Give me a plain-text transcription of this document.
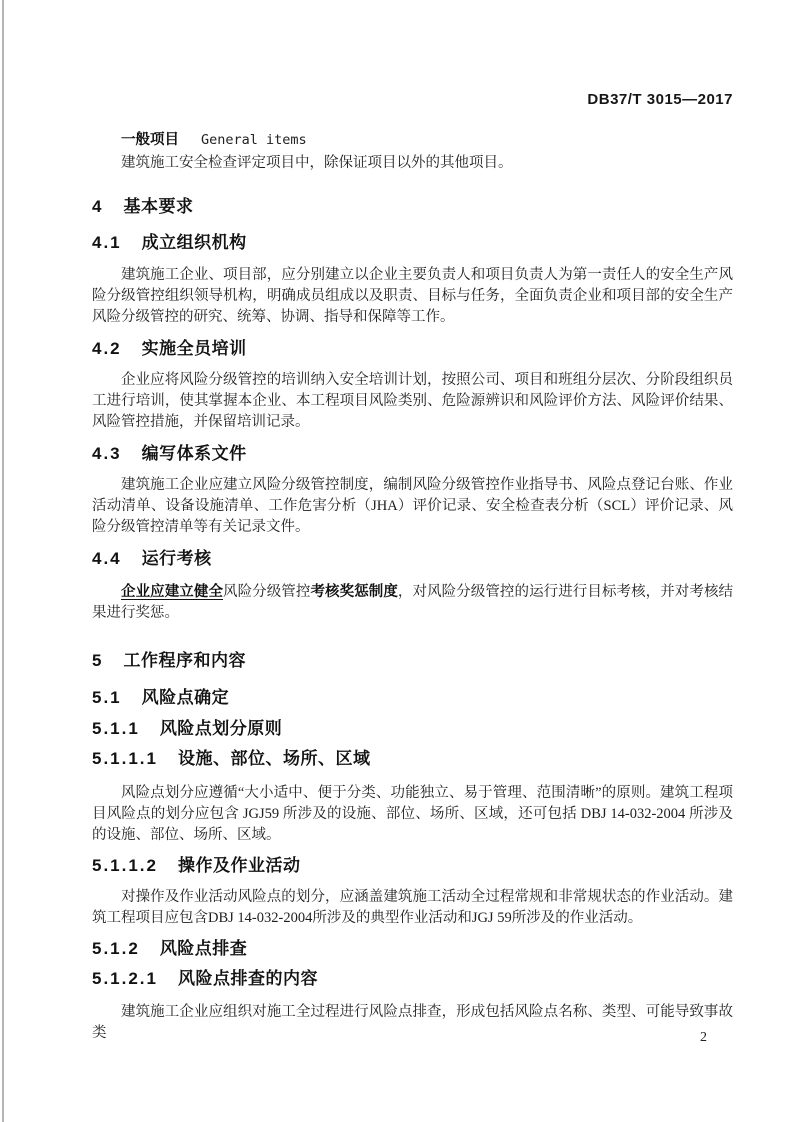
DB37/T 3015—2017

一般项目 General items

建筑施工安全检查评定项目中，除保证项目以外的其他项目。

4 基本要求
4.1 成立组织机构

建筑施工企业、项目部，应分别建立以企业主要负责人和项目负责人为第一责任人的安全生产风险分级管控组织领导机构，明确成员组成以及职责、目标与任务，全面负责企业和项目部的安全生产风险分级管控的研究、统筹、协调、指导和保障等工作。

4.2 实施全员培训

企业应将风险分级管控的培训纳入安全培训计划，按照公司、项目和班组分层次、分阶段组织员工进行培训，使其掌握本企业、本工程项目风险类别、危险源辨识和风险评价方法、风险评价结果、风险管控措施，并保留培训记录。

4.3 编写体系文件

建筑施工企业应建立风险分级管控制度，编制风险分级管控作业指导书、风险点登记台账、作业活动清单、设备设施清单、工作危害分析（JHA）评价记录、安全检查表分析（SCL）评价记录、风险分级管控清单等有关记录文件。

4.4 运行考核

企业应建立健全风险分级管控考核奖惩制度，对风险分级管控的运行进行目标考核，并对考核结果进行奖惩。

5 工作程序和内容
5.1 风险点确定
5.1.1 风险点划分原则
5.1.1.1 设施、部位、场所、区域

风险点划分应遵循“大小适中、便于分类、功能独立、易于管理、范围清晰”的原则。建筑工程项目风险点的划分应包含 JGJ59 所涉及的设施、部位、场所、区域，还可包括 DBJ 14-032-2004 所涉及的设施、部位、场所、区域。

5.1.1.2 操作及作业活动

对操作及作业活动风险点的划分，应涵盖建筑施工活动全过程常规和非常规状态的作业活动。建筑工程项目应包含DBJ 14-032-2004所涉及的典型作业活动和JGJ 59所涉及的作业活动。

5.1.2 风险点排查
5.1.2.1 风险点排查的内容

建筑施工企业应组织对施工全过程进行风险点排查，形成包括风险点名称、类型、可能导致事故类	2
